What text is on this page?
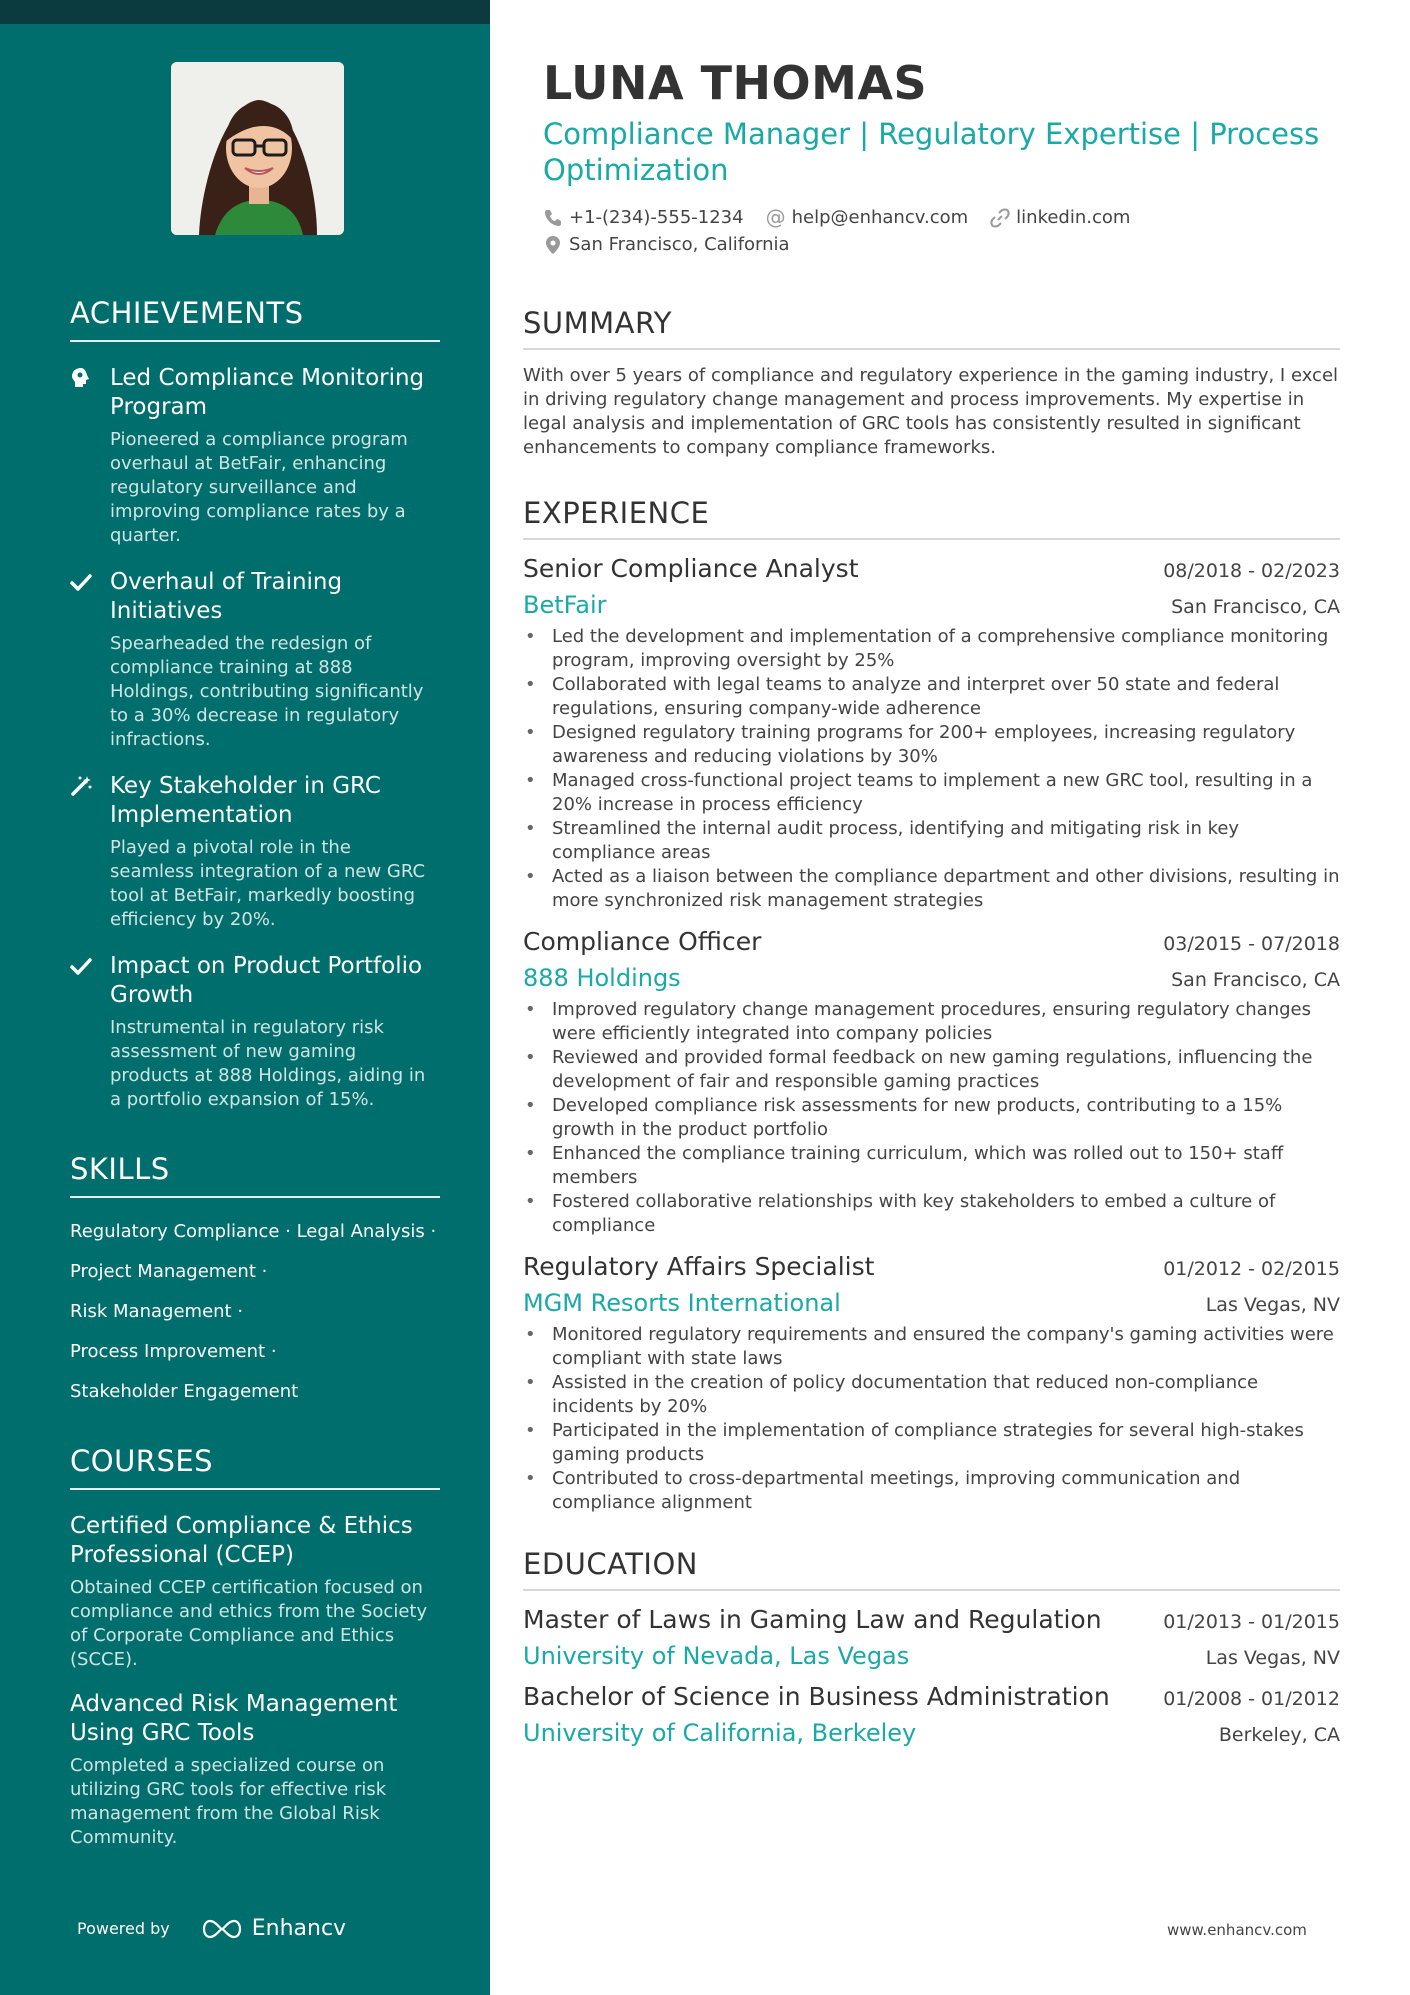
ACHIEVEMENTS
Led Compliance Monitoring Program
Pioneered a compliance program overhaul at BetFair, enhancing regulatory surveillance and improving compliance rates by a quarter.
Overhaul of Training Initiatives
Spearheaded the redesign of compliance training at 888 Holdings, contributing significantly to a 30% decrease in regulatory infractions.
Key Stakeholder in GRC Implementation
Played a pivotal role in the seamless integration of a new GRC tool at BetFair, markedly boosting efficiency by 20%.
Impact on Product Portfolio Growth
Instrumental in regulatory risk assessment of new gaming products at 888 Holdings, aiding in a portfolio expansion of 15%.
SKILLS
Regulatory Compliance · Legal Analysis ·
Project Management ·
Risk Management ·
Process Improvement ·
Stakeholder Engagement
COURSES
Certified Compliance & Ethics Professional (CCEP)
Obtained CCEP certification focused on compliance and ethics from the Society of Corporate Compliance and Ethics (SCCE).
Advanced Risk Management Using GRC Tools
Completed a specialized course on utilizing GRC tools for effective risk management from the Global Risk Community.
Powered by	Enhancv
LUNA THOMAS
Compliance Manager | Regulatory Expertise | Process Optimization
+1-(234)-555-1234 @ help@enhancv.com	linkedin.com
San Francisco, California
SUMMARY
With over 5 years of compliance and regulatory experience in the gaming industry, I excel in driving regulatory change management and process improvements. My expertise in legal analysis and implementation of GRC tools has consistently resulted in significant enhancements to company compliance frameworks.
EXPERIENCE
Senior Compliance Analyst	08/2018 - 02/2023
BetFair	San Francisco, CA
• Led the development and implementation of a comprehensive compliance monitoring program, improving oversight by 25%
• Collaborated with legal teams to analyze and interpret over 50 state and federal regulations, ensuring company-wide adherence
• Designed regulatory training programs for 200+ employees, increasing regulatory awareness and reducing violations by 30%
• Managed cross-functional project teams to implement a new GRC tool, resulting in a 20% increase in process efficiency
• Streamlined the internal audit process, identifying and mitigating risk in key compliance areas
• Acted as a liaison between the compliance department and other divisions, resulting in more synchronized risk management strategies
Compliance Officer	03/2015 - 07/2018
888 Holdings	San Francisco, CA
• Improved regulatory change management procedures, ensuring regulatory changes were efficiently integrated into company policies
• Reviewed and provided formal feedback on new gaming regulations, influencing the development of fair and responsible gaming practices
• Developed compliance risk assessments for new products, contributing to a 15% growth in the product portfolio
• Enhanced the compliance training curriculum, which was rolled out to 150+ staff members
• Fostered collaborative relationships with key stakeholders to embed a culture of compliance
Regulatory Affairs Specialist	01/2012 - 02/2015
MGM Resorts International	Las Vegas, NV
• Monitored regulatory requirements and ensured the company's gaming activities were compliant with state laws
• Assisted in the creation of policy documentation that reduced non-compliance incidents by 20%
• Participated in the implementation of compliance strategies for several high-stakes gaming products
• Contributed to cross-departmental meetings, improving communication and compliance alignment
EDUCATION
Master of Laws in Gaming Law and Regulation	01/2013 - 01/2015
University of Nevada, Las Vegas	Las Vegas, NV
Bachelor of Science in Business Administration	01/2008 - 01/2012
University of California, Berkeley	Berkeley, CA
www.enhancv.com
